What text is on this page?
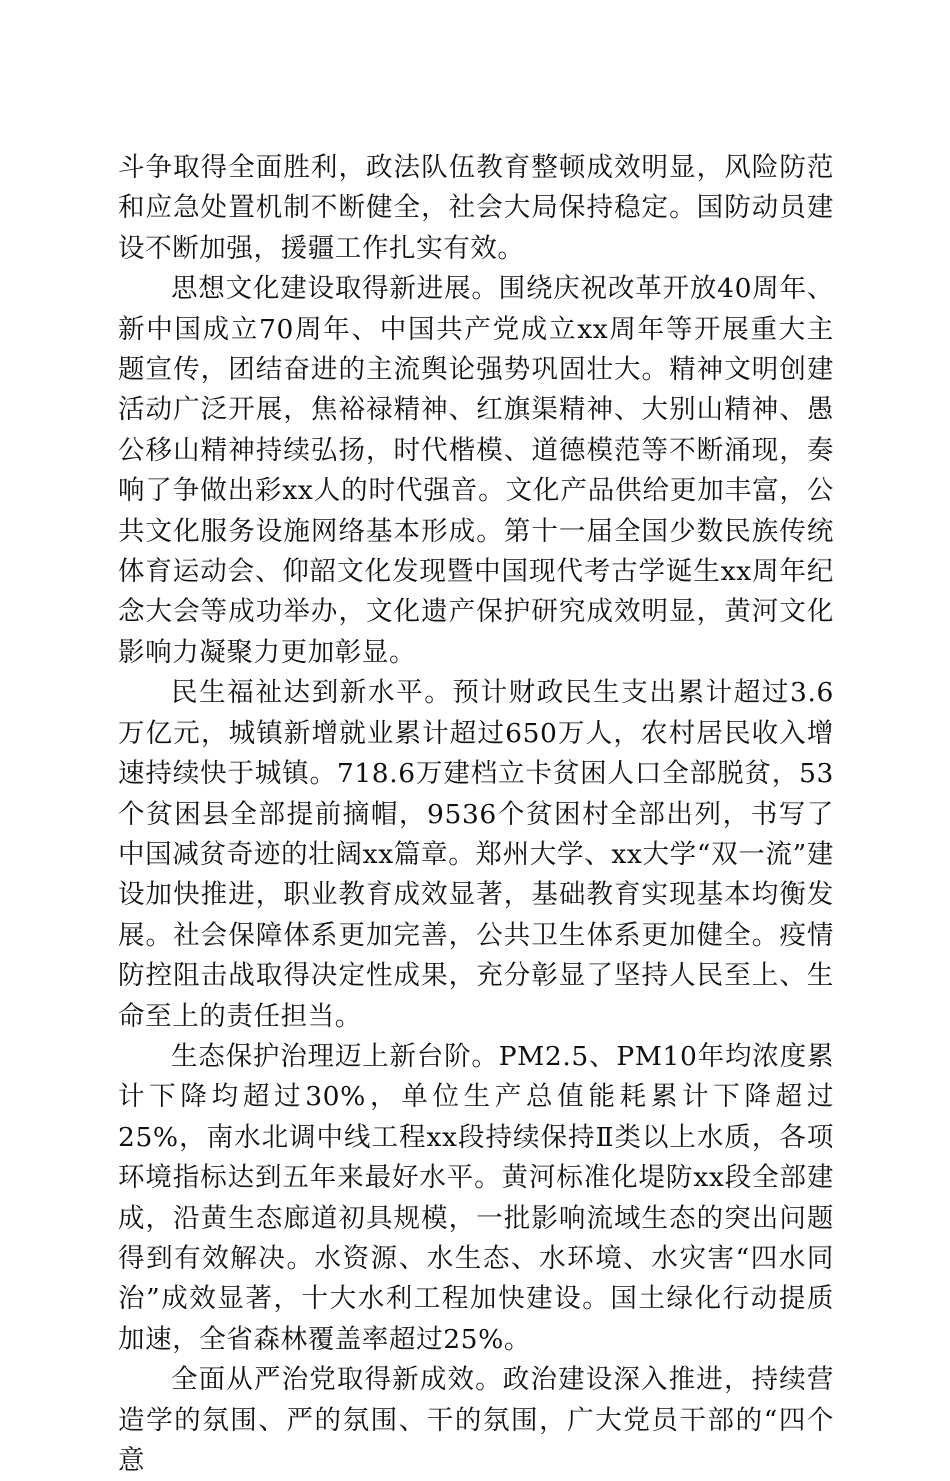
斗争取得全面胜利，政法队伍教育整顿成效明显，风险防范和应急处置机制不断健全，社会大局保持稳定。国防动员建设不断加强，援疆工作扎实有效。

思想文化建设取得新进展。围绕庆祝改革开放40周年、新中国成立70周年、中国共产党成立xx周年等开展重大主题宣传，团结奋进的主流舆论强势巩固壮大。精神文明创建活动广泛开展，焦裕禄精神、红旗渠精神、大别山精神、愚公移山精神持续弘扬，时代楷模、道德模范等不断涌现，奏响了争做出彩xx人的时代强音。文化产品供给更加丰富，公共文化服务设施网络基本形成。第十一届全国少数民族传统体育运动会、仰韶文化发现暨中国现代考古学诞生xx周年纪念大会等成功举办，文化遗产保护研究成效明显，黄河文化影响力凝聚力更加彰显。

民生福祉达到新水平。预计财政民生支出累计超过3.6万亿元，城镇新增就业累计超过650万人，农村居民收入增速持续快于城镇。718.6万建档立卡贫困人口全部脱贫，53个贫困县全部提前摘帽，9536个贫困村全部出列，书写了中国减贫奇迹的壮阔xx篇章。郑州大学、xx大学“双一流”建设加快推进，职业教育成效显著，基础教育实现基本均衡发展。社会保障体系更加完善，公共卫生体系更加健全。疫情防控阻击战取得决定性成果，充分彰显了坚持人民至上、生命至上的责任担当。

生态保护治理迈上新台阶。PM2.5、PM10年均浓度累计下降均超过30%，单位生产总值能耗累计下降超过25%，南水北调中线工程xx段持续保持Ⅱ类以上水质，各项环境指标达到五年来最好水平。黄河标准化堤防xx段全部建成，沿黄生态廊道初具规模，一批影响流域生态的突出问题得到有效解决。水资源、水生态、水环境、水灾害“四水同治”成效显著，十大水利工程加快建设。国土绿化行动提质加速，全省森林覆盖率超过25%。

全面从严治党取得新成效。政治建设深入推进，持续营造学的氛围、严的氛围、干的氛围，广大党员干部的“四个意
